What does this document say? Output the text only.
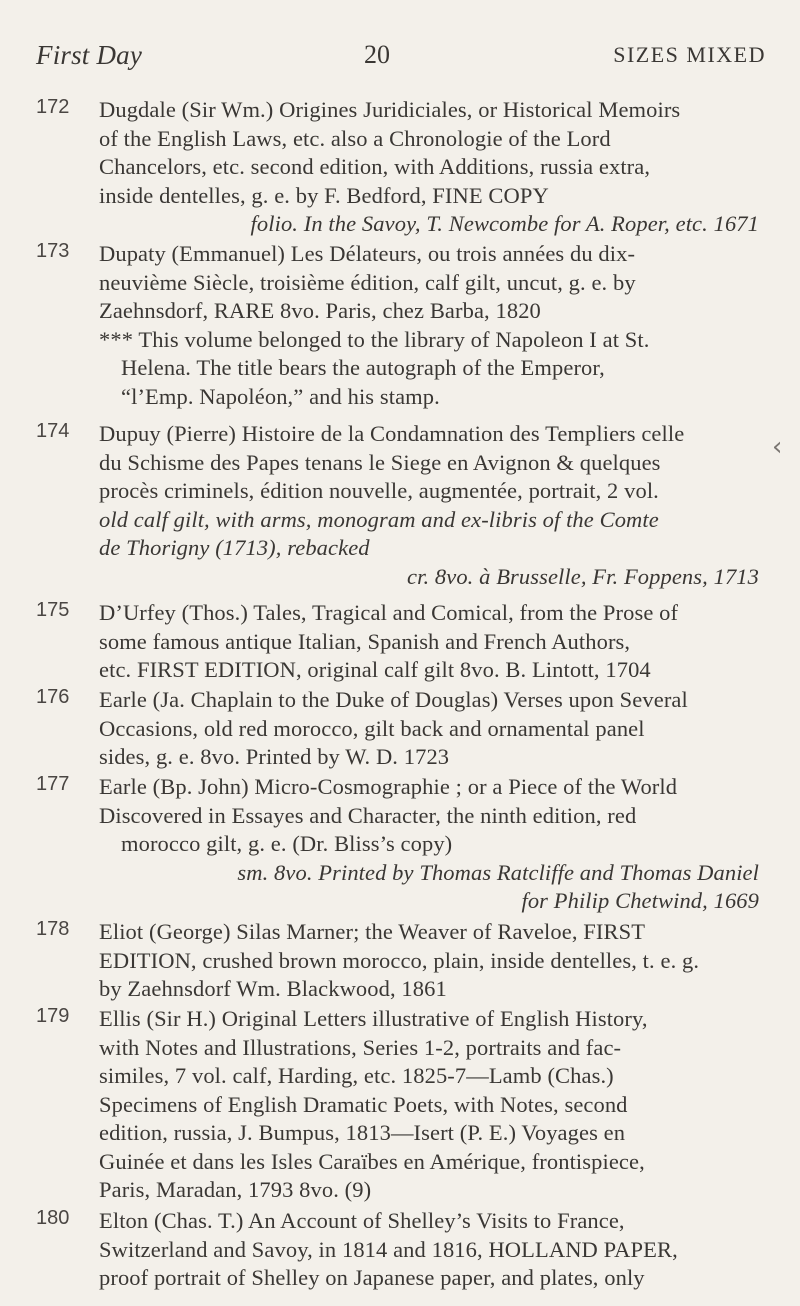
First Day	20	SIZES MIXED
172	Dugdale (Sir Wm.) Origines Juridiciales, or Historical Memoirs
of the English Laws, etc. also a Chronologie of the Lord
Chancelors, etc. second edition, with Additions, russia extra,
inside dentelles, g. e. by F. Bedford, FINE COPY
folio. In the Savoy, T. Newcombe for A. Roper, etc. 1671
173	Dupaty (Emmanuel) Les Délateurs, ou trois années du dix-
neuvième Siècle, troisième édition, calf gilt, uncut, g. e. by
Zaehnsdorf, RARE 8vo. Paris, chez Barba, 1820
*** This volume belonged to the library of Napoleon I at St.
Helena. The title bears the autograph of the Emperor,
“l’Emp. Napoléon,” and his stamp.
174	Dupuy (Pierre) Histoire de la Condamnation des Templiers celle
du Schisme des Papes tenans le Siege en Avignon & quelques
procès criminels, édition nouvelle, augmentée, portrait, 2 vol.
old calf gilt, with arms, monogram and ex-libris of the Comte
de Thorigny (1713), rebacked
cr. 8vo. à Brusselle, Fr. Foppens, 1713
175	D’Urfey (Thos.) Tales, Tragical and Comical, from the Prose of
some famous antique Italian, Spanish and French Authors,
etc. FIRST EDITION, original calf gilt 8vo. B. Lintott, 1704
176	Earle (Ja. Chaplain to the Duke of Douglas) Verses upon Several
Occasions, old red morocco, gilt back and ornamental panel
sides, g. e. 8vo. Printed by W. D. 1723
177	Earle (Bp. John) Micro-Cosmographie ; or a Piece of the World
Discovered in Essayes and Character, the ninth edition, red
morocco gilt, g. e. (Dr. Bliss’s copy)
sm. 8vo. Printed by Thomas Ratcliffe and Thomas Daniel
for Philip Chetwind, 1669
178	Eliot (George) Silas Marner; the Weaver of Raveloe, FIRST
EDITION, crushed brown morocco, plain, inside dentelles, t. e. g.
by Zaehnsdorf Wm. Blackwood, 1861
179	Ellis (Sir H.) Original Letters illustrative of English History,
with Notes and Illustrations, Series 1-2, portraits and fac-
similes, 7 vol. calf, Harding, etc. 1825-7—Lamb (Chas.)
Specimens of English Dramatic Poets, with Notes, second
edition, russia, J. Bumpus, 1813—Isert (P. E.) Voyages en
Guinée et dans les Isles Caraïbes en Amérique, frontispiece,
Paris, Maradan, 1793 8vo. (9)
180	Elton (Chas. T.) An Account of Shelley’s Visits to France,
Switzerland and Savoy, in 1814 and 1816, HOLLAND PAPER,
proof portrait of Shelley on Japanese paper, and plates, only
‹
